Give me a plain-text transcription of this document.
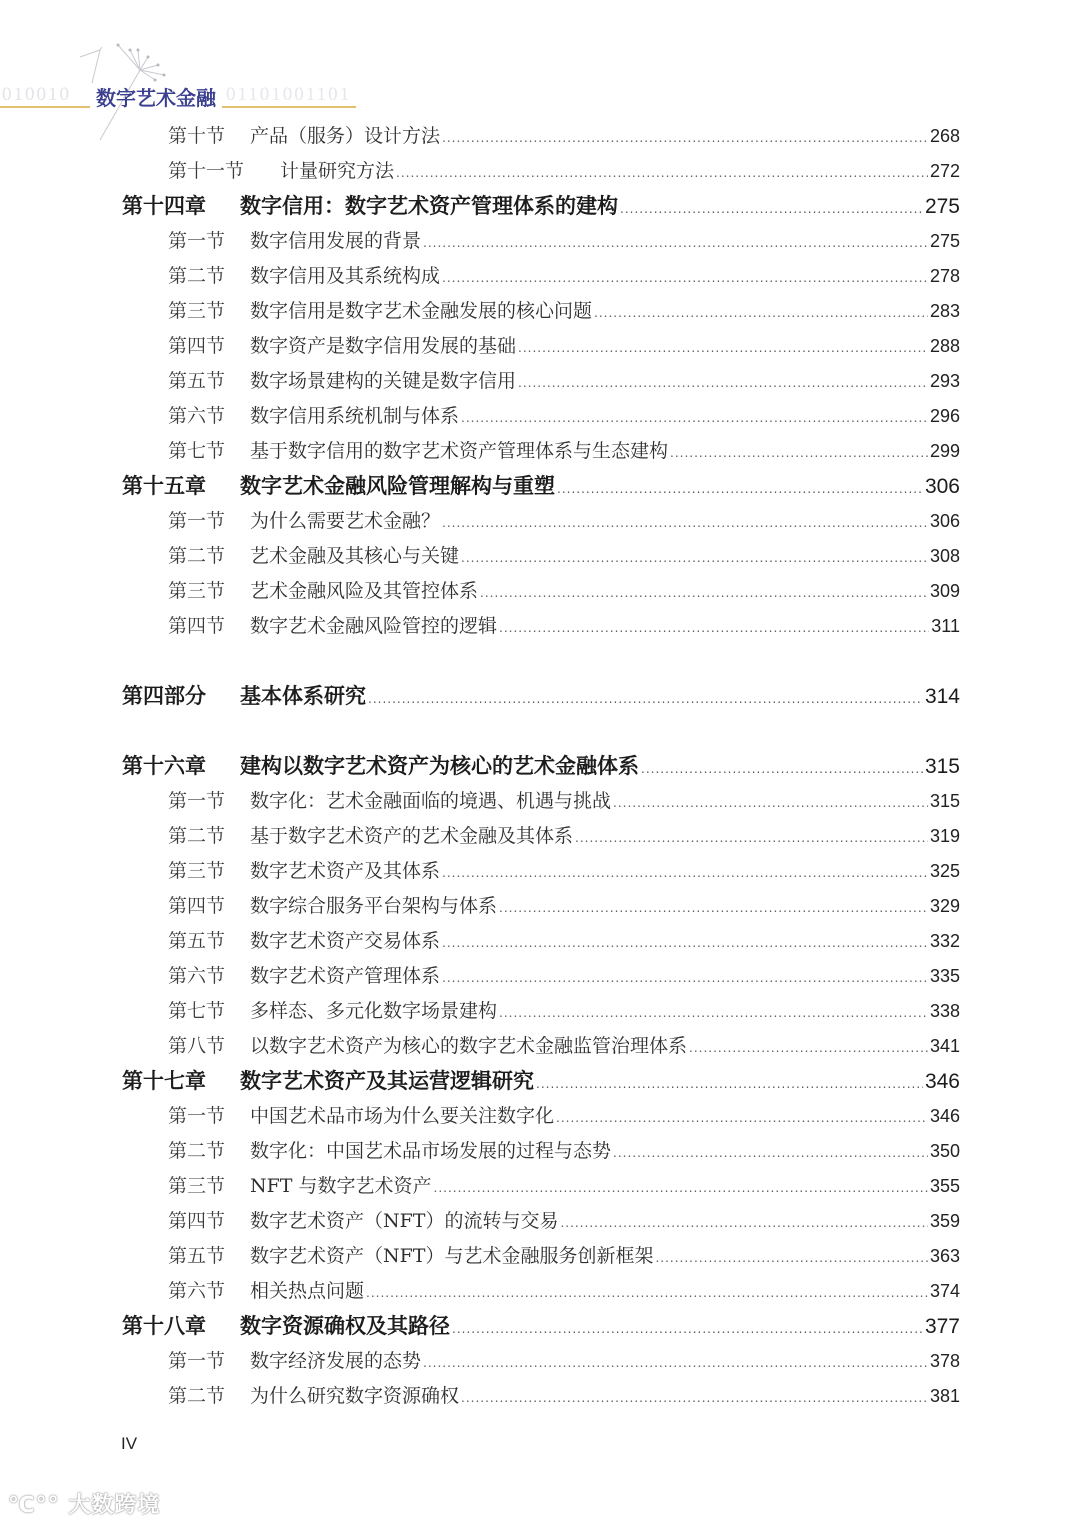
010010 数字艺术金融 01101001101
第十节	产品（服务）设计方法 .....	268
第十一节	计量研究方法 .....	272
第十四章	数字信用：数字艺术资产管理体系的建构 .....	275
第一节	数字信用发展的背景 .....	275
第二节	数字信用及其系统构成 .....	278
第三节	数字信用是数字艺术金融发展的核心问题 .....	283
第四节	数字资产是数字信用发展的基础 .....	288
第五节	数字场景建构的关键是数字信用 .....	293
第六节	数字信用系统机制与体系 .....	296
第七节	基于数字信用的数字艺术资产管理体系与生态建构 .....	299
第十五章	数字艺术金融风险管理解构与重塑 .....	306
第一节	为什么需要艺术金融？ .....	306
第二节	艺术金融及其核心与关键 .....	308
第三节	艺术金融风险及其管控体系 .....	309
第四节	数字艺术金融风险管控的逻辑 .....	311
第四部分	基本体系研究 .....	314
第十六章	建构以数字艺术资产为核心的艺术金融体系 .....	315
第一节	数字化：艺术金融面临的境遇、机遇与挑战 .....	315
第二节	基于数字艺术资产的艺术金融及其体系 .....	319
第三节	数字艺术资产及其体系 .....	325
第四节	数字综合服务平台架构与体系 .....	329
第五节	数字艺术资产交易体系 .....	332
第六节	数字艺术资产管理体系 .....	335
第七节	多样态、多元化数字场景建构 .....	338
第八节	以数字艺术资产为核心的数字艺术金融监管治理体系 .....	341
第十七章	数字艺术资产及其运营逻辑研究 .....	346
第一节	中国艺术品市场为什么要关注数字化 .....	346
第二节	数字化：中国艺术品市场发展的过程与态势 .....	350
第三节	NFT 与数字艺术资产 .....	355
第四节	数字艺术资产（NFT）的流转与交易 .....	359
第五节	数字艺术资产（NFT）与艺术金融服务创新框架 .....	363
第六节	相关热点问题 .....	374
第十八章	数字资源确权及其路径 .....	377
第一节	数字经济发展的态势 .....	378
第二节	为什么研究数字资源确权 .....	381
IV
℃°° 大数跨境
